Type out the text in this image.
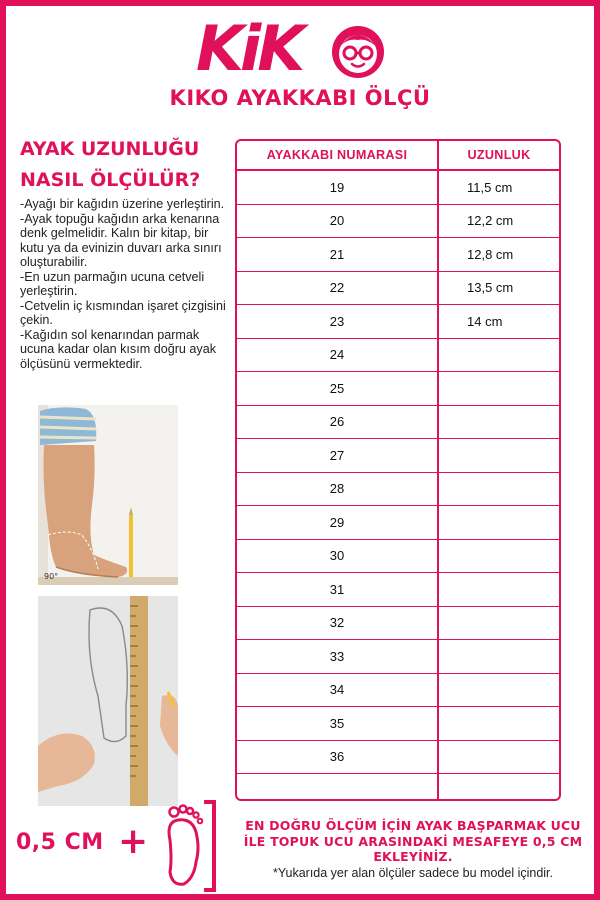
KiK
KIKO AYAKKABI ÖLÇÜ
AYAK UZUNLUĞU
NASIL ÖLÇÜLÜR?
-Ayağı bir kağıdın üzerine yerleştirin.
-Ayak topuğu kağıdın arka kenarına denk gelmelidir. Kalın bir kitap, bir kutu ya da evinizin duvarı arka sınırı oluşturabilir.
-En uzun parmağın ucuna cetveli yerleştirin.
-Cetvelin iç kısmından işaret çizgisini çekin.
-Kağıdın sol kenarından parmak ucuna kadar olan kısım doğru ayak ölçüsünü vermektedir.
90°
AYAKKABI NUMARASI	UZUNLUK
19	11,5 cm
20	12,2 cm
21	12,8 cm
22	13,5 cm
23	14 cm
24
25
26
27
28
29
30
31
32
33
34
35
36
0,5 CM +	EN DOĞRU ÖLÇÜM İÇİN AYAK BAŞPARMAK UCU İLE TOPUK UCU ARASINDAKİ MESAFEYE 0,5 CM EKLEYİNİZ.
*Yukarıda yer alan ölçüler sadece bu model içindir.
